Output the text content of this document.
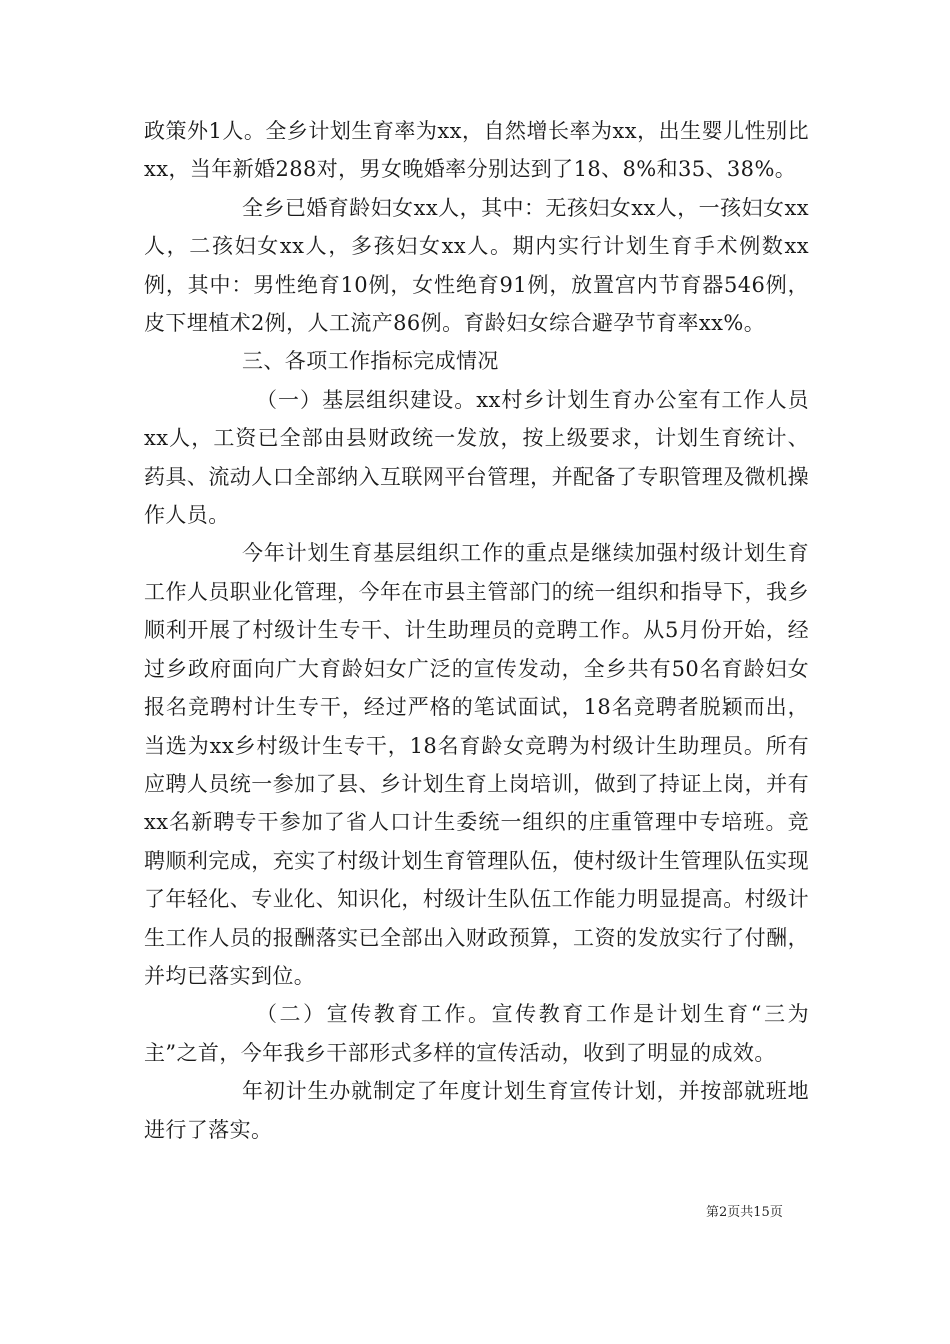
政策外1人。全乡计划生育率为xx，自然增长率为xx，出生婴儿性别比xx，当年新婚288对，男女晚婚率分别达到了18、8%和35、38%。

全乡已婚育龄妇女xx人，其中：无孩妇女xx人，一孩妇女xx人，二孩妇女xx人，多孩妇女xx人。期内实行计划生育手术例数xx例，其中：男性绝育10例，女性绝育91例，放置宫内节育器546例，皮下埋植术2例，人工流产86例。育龄妇女综合避孕节育率xx%。

三、各项工作指标完成情况

（一）基层组织建设。xx村乡计划生育办公室有工作人员xx人，工资已全部由县财政统一发放，按上级要求，计划生育统计、药具、流动人口全部纳入互联网平台管理，并配备了专职管理及微机操作人员。

今年计划生育基层组织工作的重点是继续加强村级计划生育工作人员职业化管理，今年在市县主管部门的统一组织和指导下，我乡顺利开展了村级计生专干、计生助理员的竞聘工作。从5月份开始，经过乡政府面向广大育龄妇女广泛的宣传发动，全乡共有50名育龄妇女报名竞聘村计生专干，经过严格的笔试面试，18名竞聘者脱颖而出，当选为xx乡村级计生专干，18名育龄女竞聘为村级计生助理员。所有应聘人员统一参加了县、乡计划生育上岗培训，做到了持证上岗，并有xx名新聘专干参加了省人口计生委统一组织的庄重管理中专培班。竞聘顺利完成，充实了村级计划生育管理队伍，使村级计生管理队伍实现了年轻化、专业化、知识化，村级计生队伍工作能力明显提高。村级计生工作人员的报酬落实已全部出入财政预算，工资的发放实行了付酬，并均已落实到位。

（二）宣传教育工作。宣传教育工作是计划生育“三为主”之首，今年我乡干部形式多样的宣传活动，收到了明显的成效。

年初计生办就制定了年度计划生育宣传计划，并按部就班地进行了落实。

第2页共15页
